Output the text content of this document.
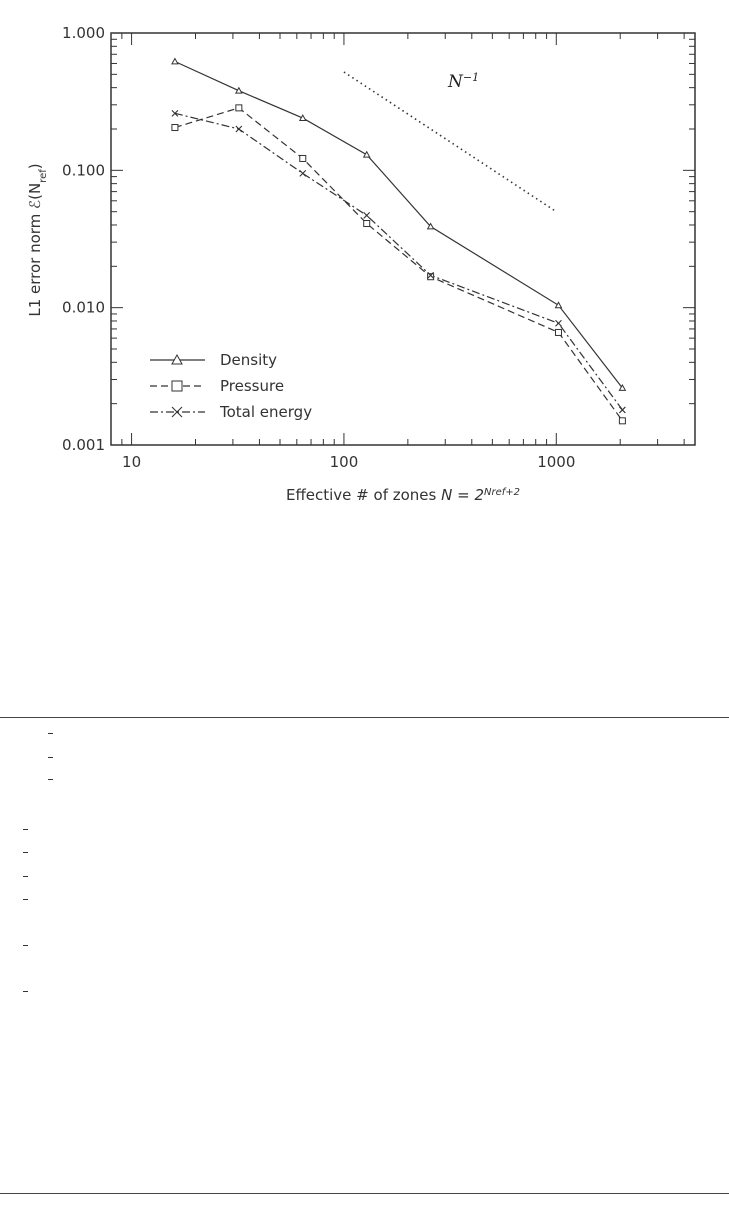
0.001
0.010
0.100
1.000
10	100	1000
Density
Pressure
Total energy
$N^{-1}$
Effective # of zones $N = 2^{Nref+2}$
L1 error norm $ℰ(N_{ref})$
